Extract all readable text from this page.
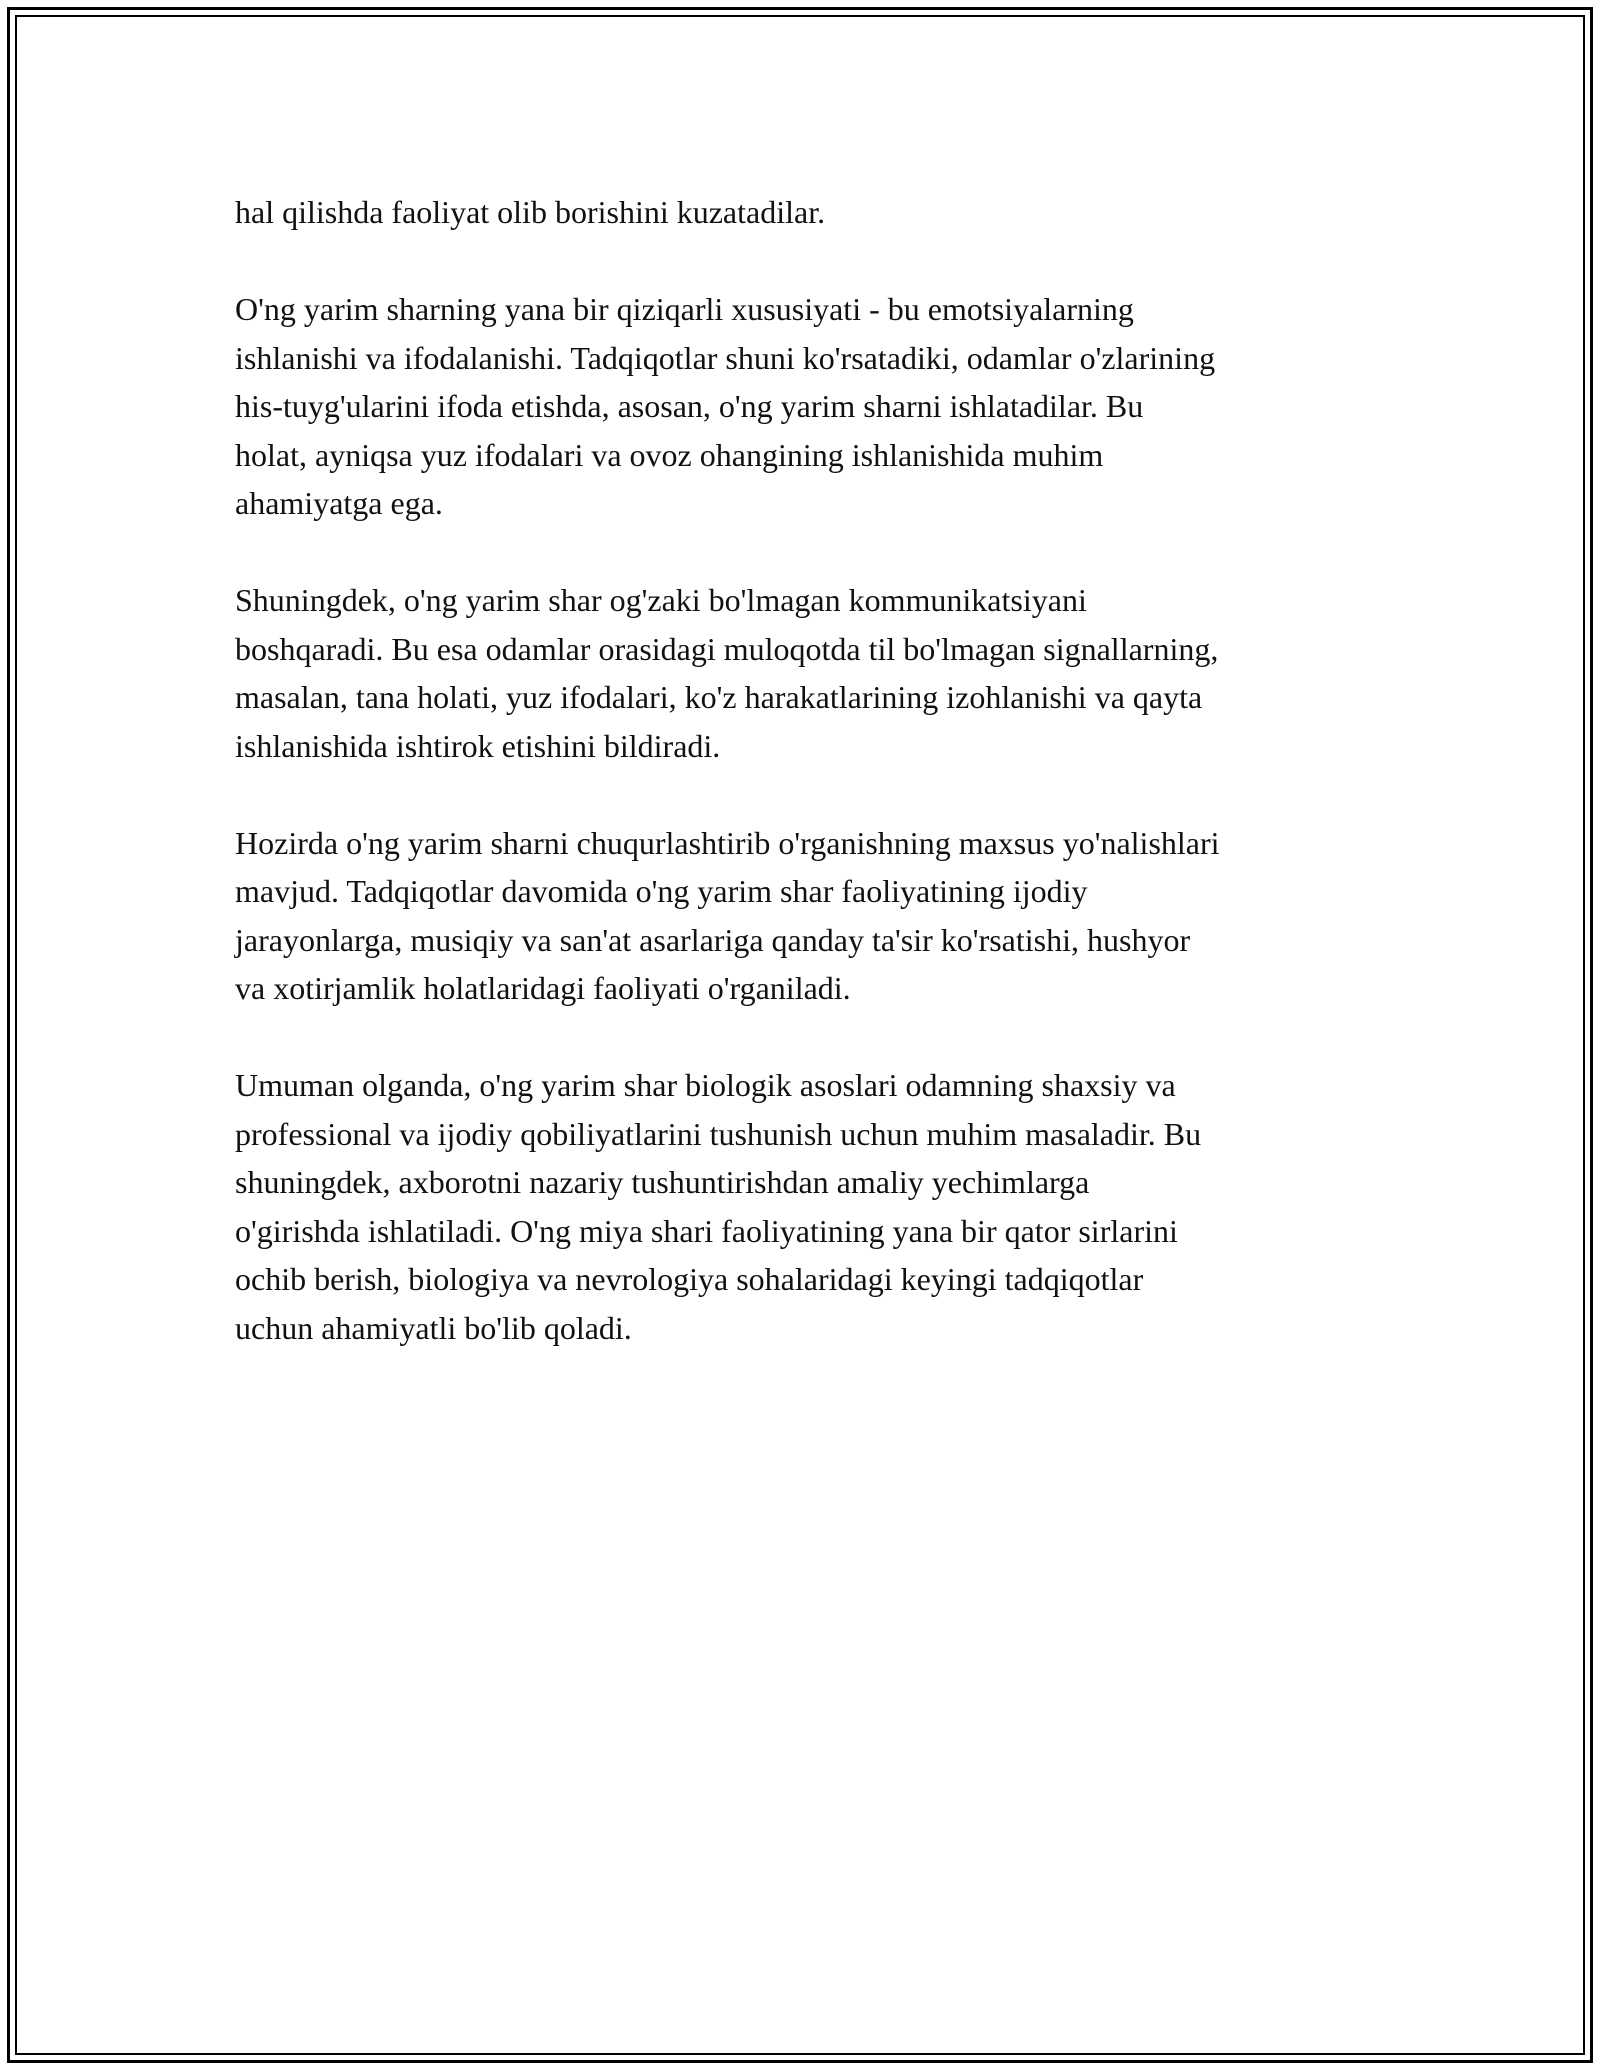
hal qilishda faoliyat olib borishini kuzatadilar.

O'ng yarim sharning yana bir qiziqarli xususiyati - bu emotsiyalarning
ishlanishi va ifodalanishi. Tadqiqotlar shuni ko'rsatadiki, odamlar o'zlarining
his-tuyg'ularini ifoda etishda, asosan, o'ng yarim sharni ishlatadilar. Bu
holat, ayniqsa yuz ifodalari va ovoz ohangining ishlanishida muhim
ahamiyatga ega.

Shuningdek, o'ng yarim shar og'zaki bo'lmagan kommunikatsiyani
boshqaradi. Bu esa odamlar orasidagi muloqotda til bo'lmagan signallarning,
masalan, tana holati, yuz ifodalari, ko'z harakatlarining izohlanishi va qayta
ishlanishida ishtirok etishini bildiradi.

Hozirda o'ng yarim sharni chuqurlashtirib o'rganishning maxsus yo'nalishlari
mavjud. Tadqiqotlar davomida o'ng yarim shar faoliyatining ijodiy
jarayonlarga, musiqiy va san'at asarlariga qanday ta'sir ko'rsatishi, hushyor
va xotirjamlik holatlaridagi faoliyati o'rganiladi.

Umuman olganda, o'ng yarim shar biologik asoslari odamning shaxsiy va
professional va ijodiy qobiliyatlarini tushunish uchun muhim masaladir. Bu
shuningdek, axborotni nazariy tushuntirishdan amaliy yechimlarga
o'girishda ishlatiladi. O'ng miya shari faoliyatining yana bir qator sirlarini
ochib berish, biologiya va nevrologiya sohalaridagi keyingi tadqiqotlar
uchun ahamiyatli bo'lib qoladi.
